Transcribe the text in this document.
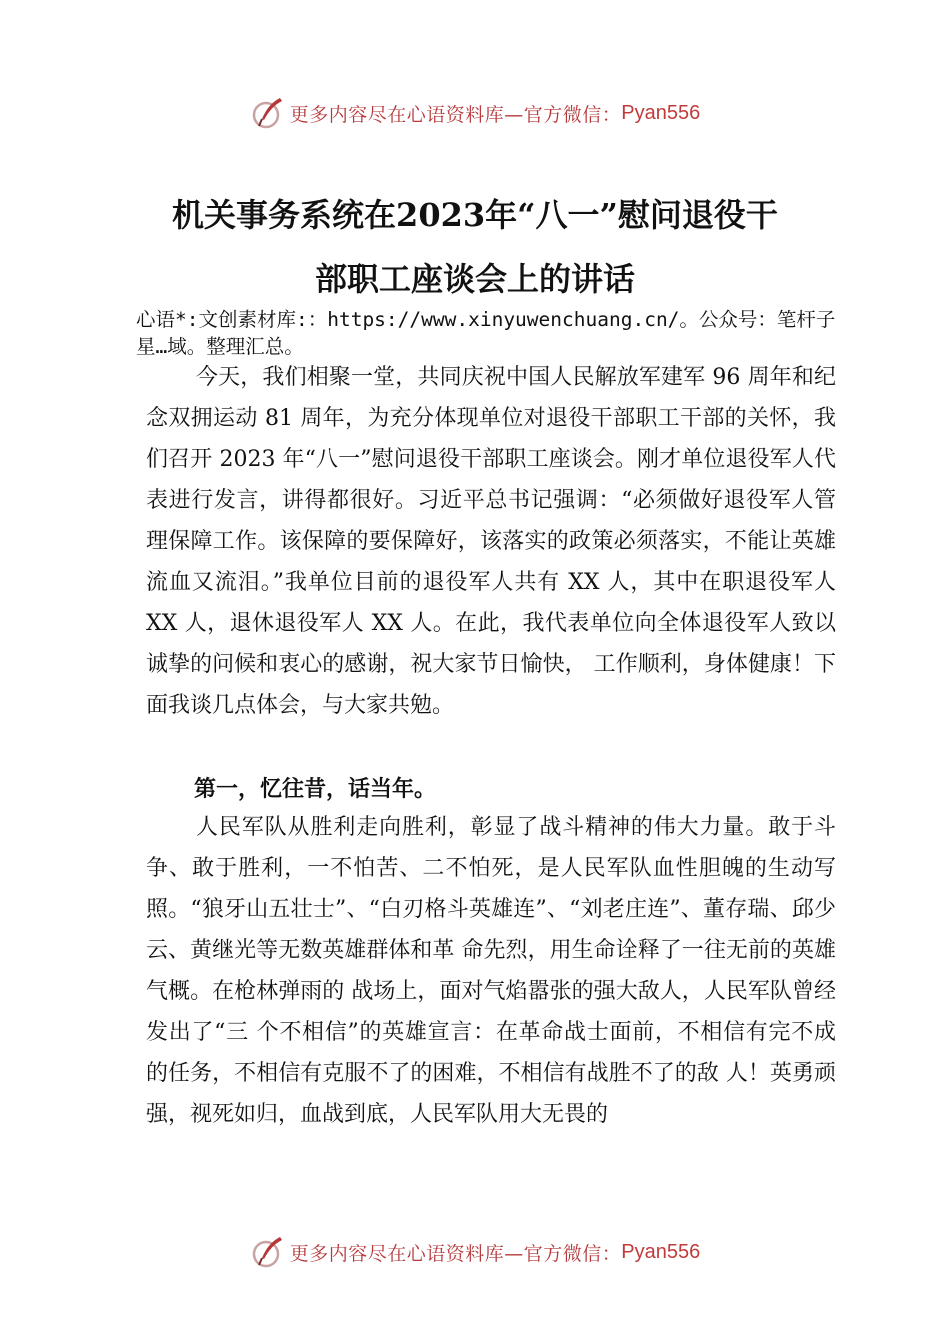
更多内容尽在心语资料库—官方微信： Pyan556
机关事务系统在2023年“八一”慰问退役干
部职工座谈会上的讲话
心语*:文创素材库:：https://www.xinyuwenchuang.cn/。公众号：笔杆子星…域。整理汇总。
今天，我们相聚一堂，共同庆祝中国人民解放军建军 96 周年和纪念双拥运动 81 周年，为充分体现单位对退役干部职工干部的关怀，我们召开 2023 年“八一”慰问退役干部职工座谈会。刚才单位退役军人代表进行发言，讲得都很好。习近平总书记强调：“必须做好退役军人管理保障工作。该保障的要保障好，该落实的政策必须落实，不能让英雄流血又流泪。”我单位目前的退役军人共有 XX 人，其中在职退役军人 XX 人，退休退役军人 XX 人。在此，我代表单位向全体退役军人致以诚挚的问候和衷心的感谢，祝大家节日愉快， 工作顺利，身体健康！下面我谈几点体会，与大家共勉。
第一，忆往昔，话当年。
人民军队从胜利走向胜利，彰显了战斗精神的伟大力量。敢于斗争、敢于胜利，一不怕苦、二不怕死，是人民军队血性胆魄的生动写照。“狼牙山五壮士”、“白刃格斗英雄连”、“刘老庄连”、董存瑞、邱少云、黄继光等无数英雄群体和革 命先烈，用生命诠释了一往无前的英雄气概。在枪林弹雨的 战场上，面对气焰嚣张的强大敌人，人民军队曾经发出了“三 个不相信”的英雄宣言：在革命战士面前，不相信有完不成 的任务，不相信有克服不了的困难，不相信有战胜不了的敌 人！英勇顽强，视死如归，血战到底，人民军队用大无畏的
更多内容尽在心语资料库—官方微信： Pyan556
